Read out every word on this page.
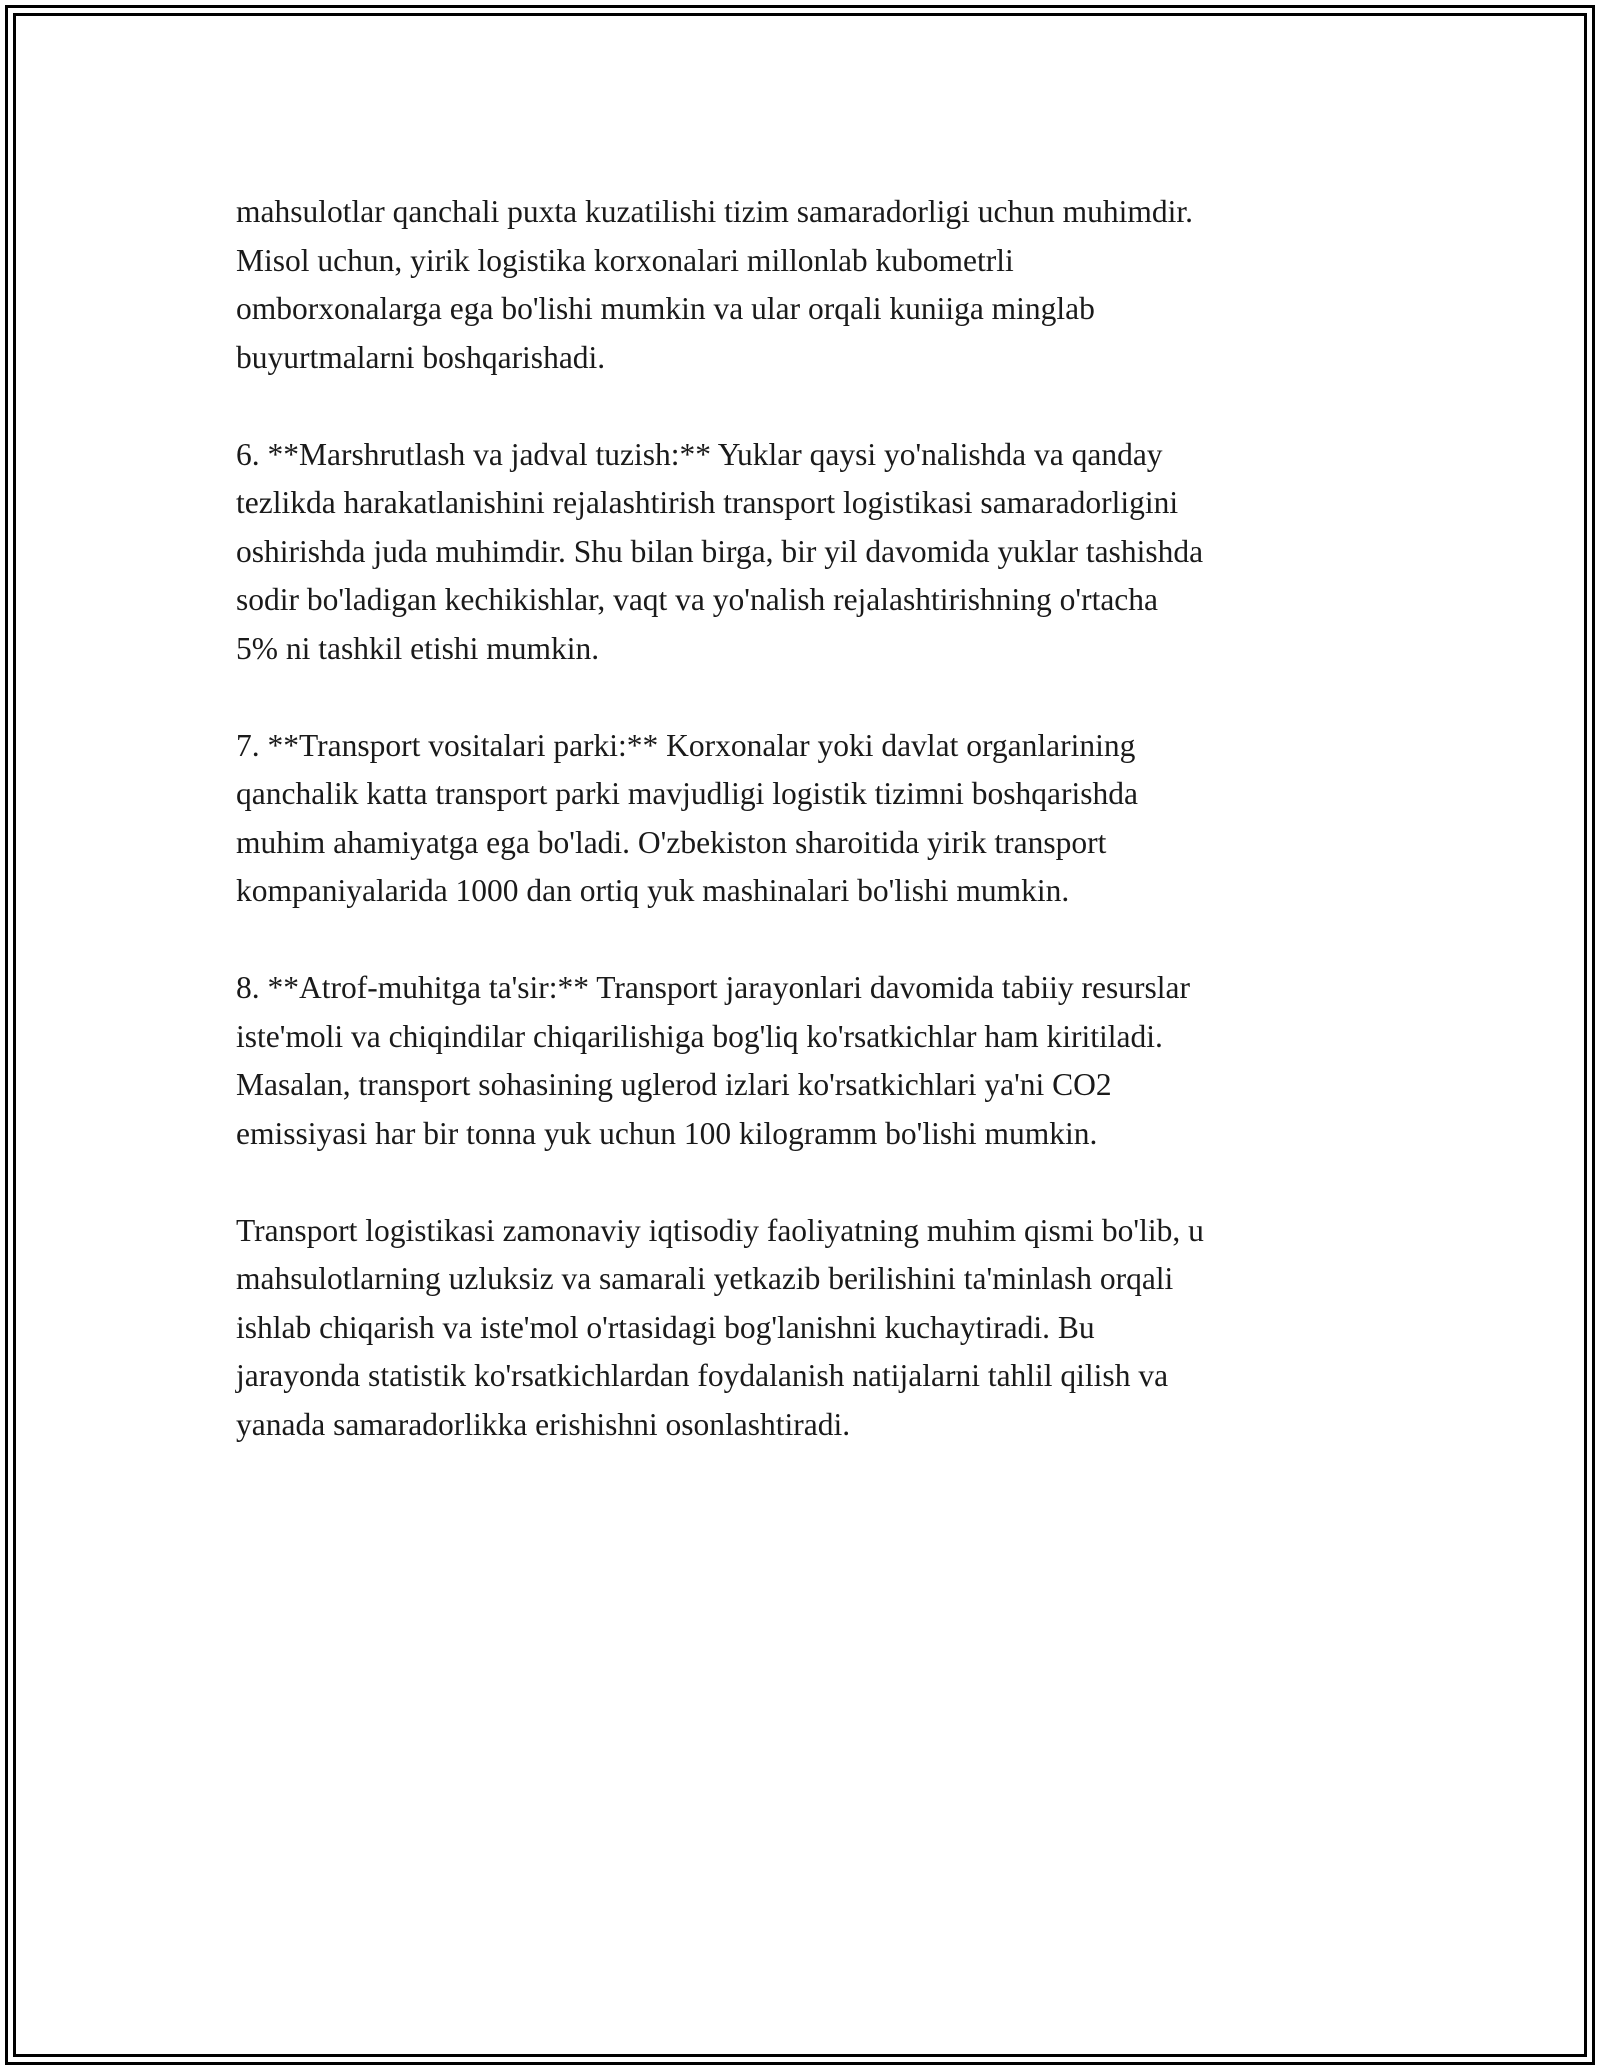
mahsulotlar qanchali puxta kuzatilishi tizim samaradorligi uchun muhimdir.
Misol uchun, yirik logistika korxonalari millonlab kubometrli
omborxonalarga ega bo'lishi mumkin va ular orqali kuniiga minglab
buyurtmalarni boshqarishadi.

6. **Marshrutlash va jadval tuzish:** Yuklar qaysi yo'nalishda va qanday
tezlikda harakatlanishini rejalashtirish transport logistikasi samaradorligini
oshirishda juda muhimdir. Shu bilan birga, bir yil davomida yuklar tashishda
sodir bo'ladigan kechikishlar, vaqt va yo'nalish rejalashtirishning o'rtacha
5% ni tashkil etishi mumkin.

7. **Transport vositalari parki:** Korxonalar yoki davlat organlarining
qanchalik katta transport parki mavjudligi logistik tizimni boshqarishda
muhim ahamiyatga ega bo'ladi. O'zbekiston sharoitida yirik transport
kompaniyalarida 1000 dan ortiq yuk mashinalari bo'lishi mumkin.

8. **Atrof-muhitga ta'sir:** Transport jarayonlari davomida tabiiy resurslar
iste'moli va chiqindilar chiqarilishiga bog'liq ko'rsatkichlar ham kiritiladi.
Masalan, transport sohasining uglerod izlari ko'rsatkichlari ya'ni CO2
emissiyasi har bir tonna yuk uchun 100 kilogramm bo'lishi mumkin.

Transport logistikasi zamonaviy iqtisodiy faoliyatning muhim qismi bo'lib, u
mahsulotlarning uzluksiz va samarali yetkazib berilishini ta'minlash orqali
ishlab chiqarish va iste'mol o'rtasidagi bog'lanishni kuchaytiradi. Bu
jarayonda statistik ko'rsatkichlardan foydalanish natijalarni tahlil qilish va
yanada samaradorlikka erishishni osonlashtiradi.
